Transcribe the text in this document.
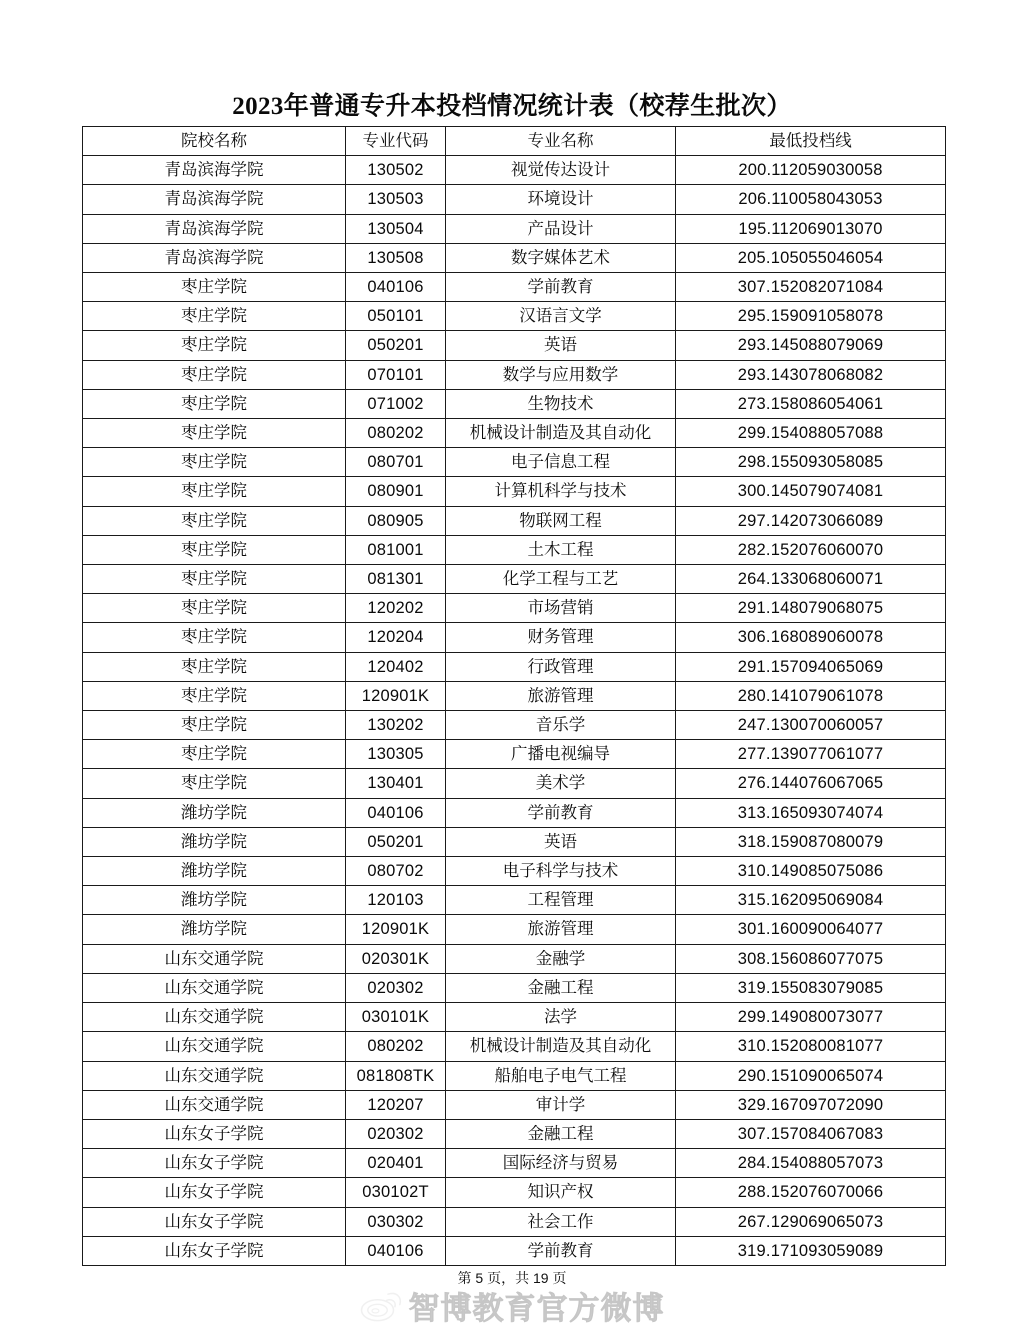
2023年普通专升本投档情况统计表（校荐生批次）
院校名称	专业代码	专业名称	最低投档线
青岛滨海学院	130502	视觉传达设计	200.112059030058
青岛滨海学院	130503	环境设计	206.110058043053
青岛滨海学院	130504	产品设计	195.112069013070
青岛滨海学院	130508	数字媒体艺术	205.105055046054
枣庄学院	040106	学前教育	307.152082071084
枣庄学院	050101	汉语言文学	295.159091058078
枣庄学院	050201	英语	293.145088079069
枣庄学院	070101	数学与应用数学	293.143078068082
枣庄学院	071002	生物技术	273.158086054061
枣庄学院	080202	机械设计制造及其自动化	299.154088057088
枣庄学院	080701	电子信息工程	298.155093058085
枣庄学院	080901	计算机科学与技术	300.145079074081
枣庄学院	080905	物联网工程	297.142073066089
枣庄学院	081001	土木工程	282.152076060070
枣庄学院	081301	化学工程与工艺	264.133068060071
枣庄学院	120202	市场营销	291.148079068075
枣庄学院	120204	财务管理	306.168089060078
枣庄学院	120402	行政管理	291.157094065069
枣庄学院	120901K	旅游管理	280.141079061078
枣庄学院	130202	音乐学	247.130070060057
枣庄学院	130305	广播电视编导	277.139077061077
枣庄学院	130401	美术学	276.144076067065
潍坊学院	040106	学前教育	313.165093074074
潍坊学院	050201	英语	318.159087080079
潍坊学院	080702	电子科学与技术	310.149085075086
潍坊学院	120103	工程管理	315.162095069084
潍坊学院	120901K	旅游管理	301.160090064077
山东交通学院	020301K	金融学	308.156086077075
山东交通学院	020302	金融工程	319.155083079085
山东交通学院	030101K	法学	299.149080073077
山东交通学院	080202	机械设计制造及其自动化	310.152080081077
山东交通学院	081808TK	船舶电子电气工程	290.151090065074
山东交通学院	120207	审计学	329.167097072090
山东女子学院	020302	金融工程	307.157084067083
山东女子学院	020401	国际经济与贸易	284.154088057073
山东女子学院	030102T	知识产权	288.152076070066
山东女子学院	030302	社会工作	267.129069065073
山东女子学院	040106	学前教育	319.171093059089
第 5 页，共 19 页
智博教育官方微博
